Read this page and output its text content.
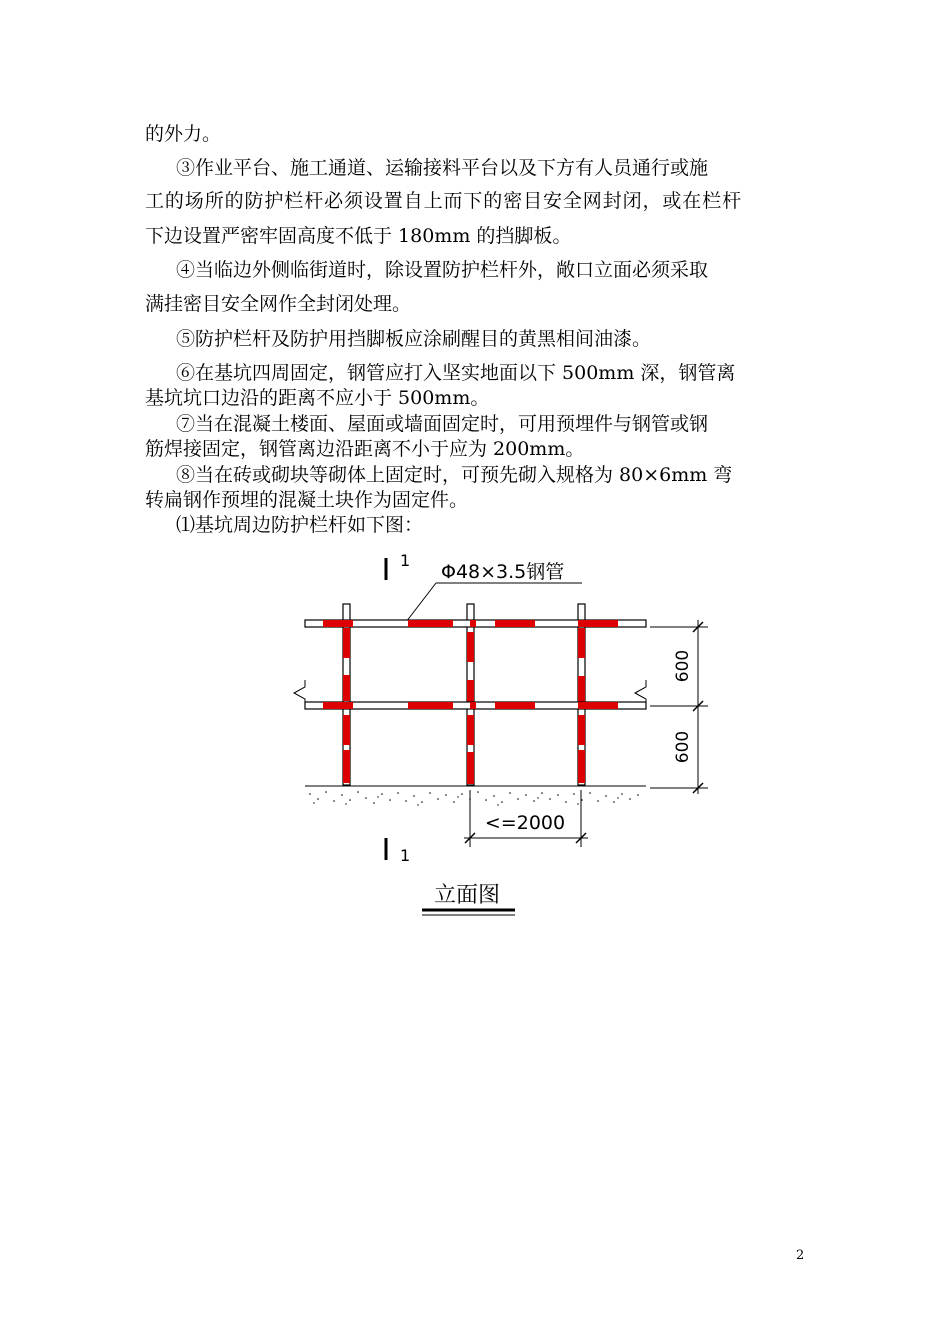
的外力。
③作业平台、施工通道、运输接料平台以及下方有人员通行或施
工的场所的防护栏杆必须设置自上而下的密目安全网封闭，或在栏杆
下边设置严密牢固高度不低于 180mm 的挡脚板。
④当临边外侧临街道时，除设置防护栏杆外，敞口立面必须采取
满挂密目安全网作全封闭处理。
⑤防护栏杆及防护用挡脚板应涂刷醒目的黄黑相间油漆。
⑥在基坑四周固定，钢管应打入坚实地面以下 500mm 深，钢管离
基坑坑口边沿的距离不应小于 500mm。
⑦当在混凝土楼面、屋面或墙面固定时，可用预埋件与钢管或钢
筋焊接固定，钢管离边沿距离不小于应为 200mm。
⑧当在砖或砌块等砌体上固定时，可预先砌入规格为 80×6mm 弯
转扁钢作预埋的混凝土块作为固定件。
⑴基坑周边防护栏杆如下图：
1
Φ48×3.5钢管
600
600
<=2000
1
立面图
2
